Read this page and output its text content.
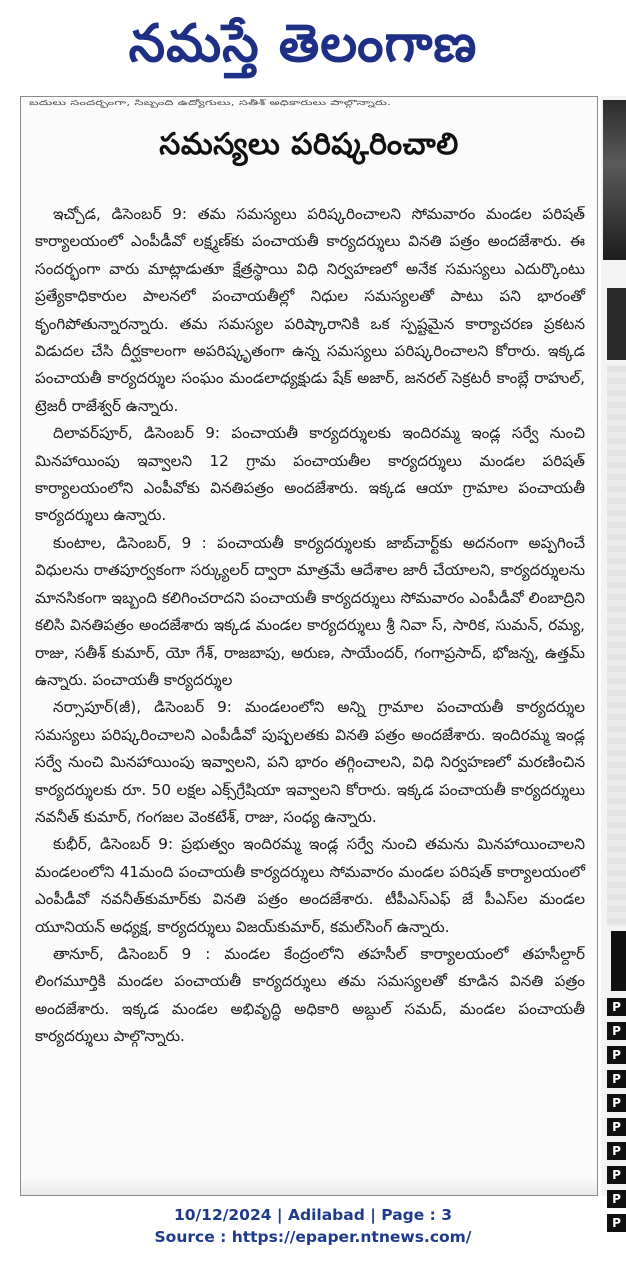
నమస్తే తెలంగాణ
బదులు సందర్భంగా, సిబ్బంది ఉద్యోగులు, సతీశ్ అధికారులు పాల్గొన్నారు.
సమస్యలు పరిష్కరించాలి

ఇచ్చోడ, డిసెంబర్ 9: తమ సమస్యలు పరిష్కరించాలని సోమవారం మండల పరిషత్ కార్యాలయంలో ఎంపీడీవో లక్ష్మణ్‌కు పంచాయతీ కార్యదర్శులు వినతి పత్రం అందజేశారు. ఈ సందర్భంగా వారు మాట్లాడుతూ క్షేత్రస్థాయి విధి నిర్వహణలో అనేక సమస్యలు ఎదుర్కొంటు ప్రత్యేకాధికారుల పాలనలో పంచాయతీల్లో నిధుల సమస్యలతో పాటు పని భారంతో కృంగిపోతున్నారన్నారు. తమ సమస్యల పరిష్కారానికి ఒక స్పష్టమైన కార్యాచరణ ప్రకటన విడుదల చేసి దీర్ఘకాలంగా అపరిష్కృతంగా ఉన్న సమస్యలు పరిష్కరించాలని కోరారు. ఇక్కడ పంచాయతీ కార్యదర్శుల సంఘం మండలాధ్యక్షుడు షేక్ అజార్, జనరల్ సెక్రటరీ కాంబ్లే రాహుల్, ట్రెజరీ రాజేశ్వర్ ఉన్నారు.

దిలావర్‌పూర్, డిసెంబర్ 9: పంచాయతీ కార్యదర్శులకు ఇందిరమ్మ ఇండ్ల సర్వే నుంచి మినహాయింపు ఇవ్వాలని 12 గ్రామ పంచాయతీల కార్యదర్శులు మండల పరిషత్ కార్యాలయంలోని ఎంపీవోకు వినతిపత్రం అందజేశారు. ఇక్కడ ఆయా గ్రామాల పంచాయతీ కార్యదర్శులు ఉన్నారు.

కుంటాల, డిసెంబర్, 9 : పంచాయతీ కార్యదర్శులకు జాబ్‌చార్ట్‌కు అదనంగా అప్పగించే విధులను రాతపూర్వకంగా సర్క్యులర్ ద్వారా మాత్రమే ఆదేశాల జారీ చేయాలని, కార్యదర్శులను మానసికంగా ఇబ్బంది కలిగించరాదని పంచాయతీ కార్యదర్శులు సోమవారం ఎంపీడీవో లింబాద్రిని కలిసి వినతిపత్రం అందజేశారు ఇక్కడ మండల కార్యదర్శులు శ్రీ నివా స్, సారిక, సుమన్, రమ్య, రాజు, సతీశ్ కుమార్, యో గేశ్, రాజబాపు, అరుణ, సాయేందర్, గంగాప్రసాద్, భోజన్న, ఉత్తమ్ ఉన్నారు. పంచాయతీ కార్యదర్శుల

నర్సాపూర్(జీ), డిసెంబర్ 9: మండలంలోని అన్ని గ్రామాల పంచాయతీ కార్యదర్శుల సమస్యలు పరిష్కరించాలని ఎంపీడీవో పుష్పలతకు వినతి పత్రం అందజేశారు. ఇందిరమ్మ ఇండ్ల సర్వే నుంచి మినహాయింపు ఇవ్వాలని, పని భారం తగ్గించాలని, విధి నిర్వహణలో మరణించిన కార్యదర్శులకు రూ. 50 లక్షల ఎక్స్‌గ్రేషియా ఇవ్వాలని కోరారు. ఇక్కడ పంచాయతీ కార్యదర్శులు నవనీత్ కుమార్, గంగజల వెంకటేశ్, రాజు, సంధ్య ఉన్నారు.

కుభీర్, డిసెంబర్ 9: ప్రభుత్వం ఇందిరమ్మ ఇండ్ల సర్వే నుంచి తమను మినహాయించాలని మండలంలోని 41మంది పంచాయతీ కార్యదర్శులు సోమవారం మండల పరిషత్ కార్యాలయంలో ఎంపీడీవో నవనీత్‌కుమార్‌కు వినతి పత్రం అందజేశారు. టీపీఎస్ఎఫ్ జే పీఎస్‌ల మండల యూనియన్ అధ్యక్ష, కార్యదర్శులు విజయ్‌కుమార్, కమల్‌సింగ్ ఉన్నారు.

తానూర్, డిసెంబర్ 9 : మండల కేంద్రంలోని తహసీల్ కార్యాలయంలో తహసీల్దార్ లింగమూర్తికి మండల పంచాయతీ కార్యదర్శులు తమ సమస్యలతో కూడిన వినతి పత్రం అందజేశారు. ఇక్కడ మండల అభివృద్ధి అధికారి అబ్దుల్ సమద్, మండల పంచాయతీ కార్యదర్శులు పాల్గొన్నారు.

P
P
P
P
P
P
P
P
P
P
10/12/2024 | Adilabad | Page : 3
Source : https://epaper.ntnews.com/
